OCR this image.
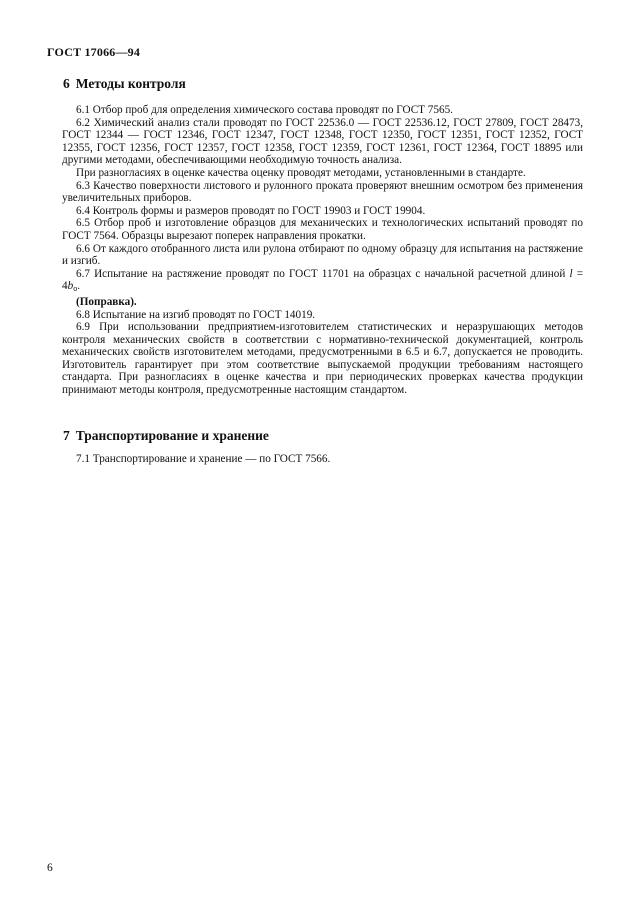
ГОСТ 17066—94
6 Методы контроля

6.1 Отбор проб для определения химического состава проводят по ГОСТ 7565.

6.2 Химический анализ стали проводят по ГОСТ 22536.0 — ГОСТ 22536.12, ГОСТ 27809, ГОСТ 28473, ГОСТ 12344 — ГОСТ 12346, ГОСТ 12347, ГОСТ 12348, ГОСТ 12350, ГОСТ 12351, ГОСТ 12352, ГОСТ 12355, ГОСТ 12356, ГОСТ 12357, ГОСТ 12358, ГОСТ 12359, ГОСТ 12361, ГОСТ 12364, ГОСТ 18895 или другими методами, обеспечивающими необходимую точность анализа.

При разногласиях в оценке качества оценку проводят методами, установленными в стандарте.

6.3 Качество поверхности листового и рулонного проката проверяют внешним осмотром без применения увеличительных приборов.

6.4 Контроль формы и размеров проводят по ГОСТ 19903 и ГОСТ 19904.

6.5 Отбор проб и изготовление образцов для механических и технологических испытаний проводят по ГОСТ 7564. Образцы вырезают поперек направления прокатки.

6.6 От каждого отобранного листа или рулона отбирают по одному образцу для испытания на растяжение и изгиб.

6.7 Испытание на растяжение проводят по ГОСТ 11701 на образцах с начальной расчетной длиной $l = 4b_o$.

(Поправка).

6.8 Испытание на изгиб проводят по ГОСТ 14019.

6.9 При использовании предприятием-изготовителем статистических и неразрушающих методов контроля механических свойств в соответствии с нормативно-технической документацией, контроль механических свойств изготовителем методами, предусмотренными в 6.5 и 6.7, допускается не проводить. Изготовитель гарантирует при этом соответствие выпускаемой продукции требованиям настоящего стандарта. При разногласиях в оценке качества и при периодических проверках качества продукции принимают методы контроля, предусмотренные настоящим стандартом.

7 Транспортирование и хранение

7.1 Транспортирование и хранение — по ГОСТ 7566.

6
